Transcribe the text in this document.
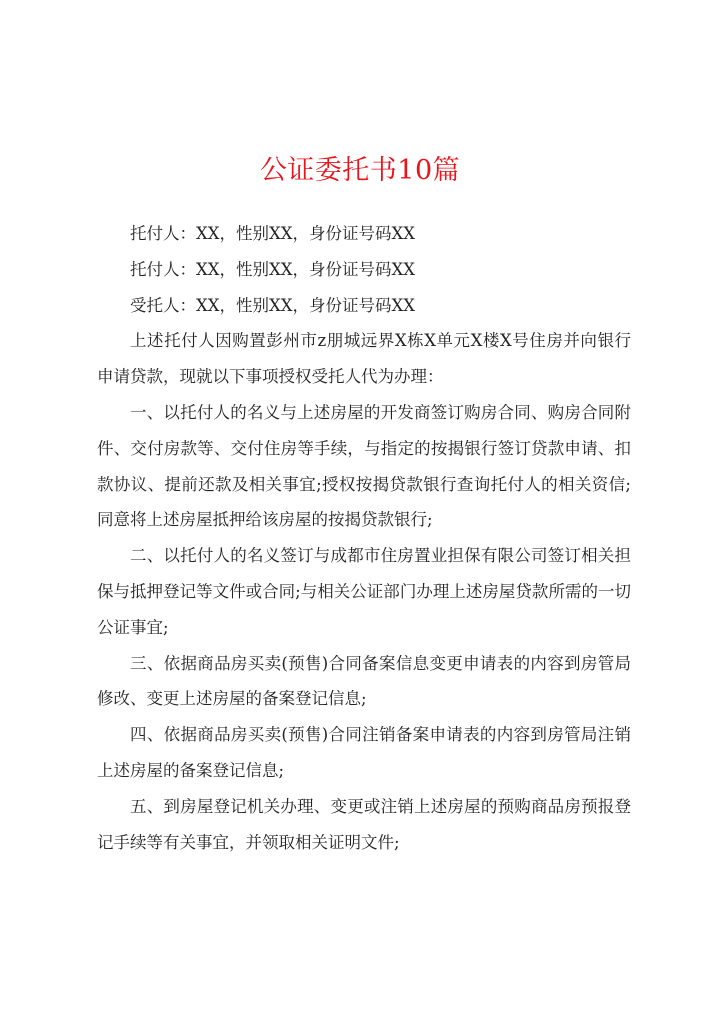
公证委托书10篇

托付人：XX，性别XX，身份证号码XX

托付人：XX，性别XX，身份证号码XX

受托人：XX，性别XX，身份证号码XX

上述托付人因购置彭州市z朋城远界X栋X单元X楼X号住房并向银行申请贷款，现就以下事项授权受托人代为办理：

一、以托付人的名义与上述房屋的开发商签订购房合同、购房合同附件、交付房款等、交付住房等手续，与指定的按揭银行签订贷款申请、扣款协议、提前还款及相关事宜;授权按揭贷款银行查询托付人的相关资信;同意将上述房屋抵押给该房屋的按揭贷款银行;

二、以托付人的名义签订与成都市住房置业担保有限公司签订相关担保与抵押登记等文件或合同;与相关公证部门办理上述房屋贷款所需的一切公证事宜;

三、依据商品房买卖(预售)合同备案信息变更申请表的内容到房管局修改、变更上述房屋的备案登记信息;

四、依据商品房买卖(预售)合同注销备案申请表的内容到房管局注销上述房屋的备案登记信息;

五、到房屋登记机关办理、变更或注销上述房屋的预购商品房预报登记手续等有关事宜，并领取相关证明文件;
